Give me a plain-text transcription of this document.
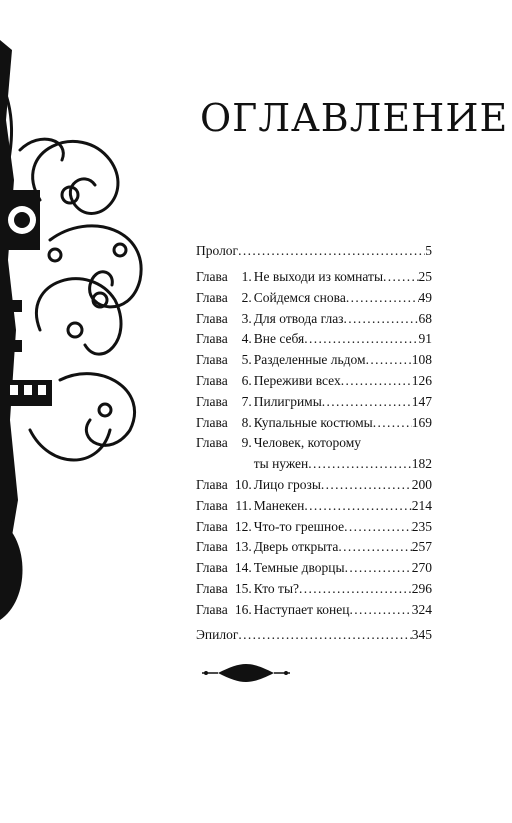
ОГЛАВЛЕНИЕ
Пролог . . .	5
Глава	1. Не выходи из комнаты . . .	25
Глава	2. Сойдемся снова . . .	49
Глава	3. Для отвода глаз . . .	68
Глава	4. Вне себя . . .	91
Глава	5. Разделенные льдом . . .	108
Глава	6. Переживи всех . . .	126
Глава	7. Пилигримы . . .	147
Глава	8. Купальные костюмы . . .	169
Глава	9. Человек, которому
ты нужен . . .	182
Глава 10. Лицо грозы . . .	200
Глава 11. Манекен . . .	214
Глава 12. Что-то грешное . . .	235
Глава 13. Дверь открыта . . .	257
Глава 14. Темные дворцы . . .	270
Глава 15. Кто ты? . . .	296
Глава 16. Наступает конец . . .	324
Эпилог . . .	345
